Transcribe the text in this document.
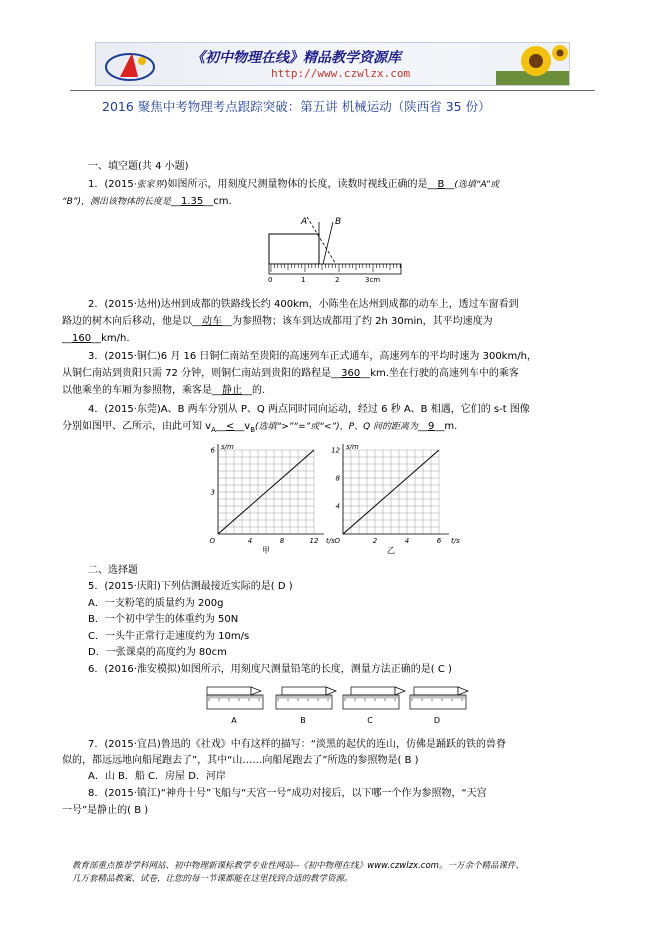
《初中物理在线》精品教学资源库
http://www.czwlzx.com
2016 聚焦中考物理考点跟踪突破：第五讲 机械运动（陕西省 35 份）
一、填空题(共 4 小题)
1．(2015·张家界)如图所示，用刻度尺测量物体的长度，读数时视线正确的是__B__(选填“A”或
“B”)，测出该物体的长度是__1.35__cm.
A	B
0	1	2	3cm
2．(2015·达州)达州到成都的铁路线长约 400km，小陈坐在达州到成都的动车上，透过车窗看到
路边的树木向后移动，他是以__动车__为参照物；该车到达成都用了约 2h 30min，其平均速度为
__160__km/h.
3．(2015·铜仁)6 月 16 日铜仁南站至贵阳的高速列车正式通车，高速列车的平均时速为 300km/h，
从铜仁南站到贵阳只需 72 分钟，则铜仁南站到贵阳的路程是__360__km.坐在行驶的高速列车中的乘客
以他乘坐的车厢为参照物，乘客是__静止__的.
4．(2015·东莞)A、B 两车分别从 P、Q 两点同时同向运动，经过 6 秒 A、B 相遇，它们的 s-t 图像
分别如图甲、乙所示，由此可知 $v_A\_\_<\_\_v_B$(选填“>”“=”或“<”)，P、Q 间的距离为__9__m.
4	8	12
3
6
O	t/s
s/m
甲
2	4	6
4
8
12
O	t/s
s/m
乙
二、选择题
5．(2015·庆阳)下列估测最接近实际的是( D )
A．一支粉笔的质量约为 200g
B．一个初中学生的体重约为 50N
C．一头牛正常行走速度约为 10m/s
D．一张课桌的高度约为 80cm
6．(2016·淮安模拟)如图所示，用刻度尺测量铅笔的长度，测量方法正确的是( C )
A	B	C	D
7．(2015·宜昌)鲁迅的《社戏》中有这样的描写：“淡黑的起伏的连山，仿佛是踊跃的铁的兽脊
似的，都远远地向船尾跑去了”，其中“山……向船尾跑去了”所选的参照物是( B )
A．山 B．船 C．房屋 D．河岸
8．(2015·镇江)“神舟十号”飞船与“天宫一号”成功对接后，以下哪一个作为参照物，“天宫
一号”是静止的( B )
教育部重点推荐学科网站、初中物理新课标教学专业性网站--《初中物理在线》www.czwlzx.com。一万余个精品课件、
几万套精品教案、试卷，让您的每一节课都能在这里找到合适的教学资源。
